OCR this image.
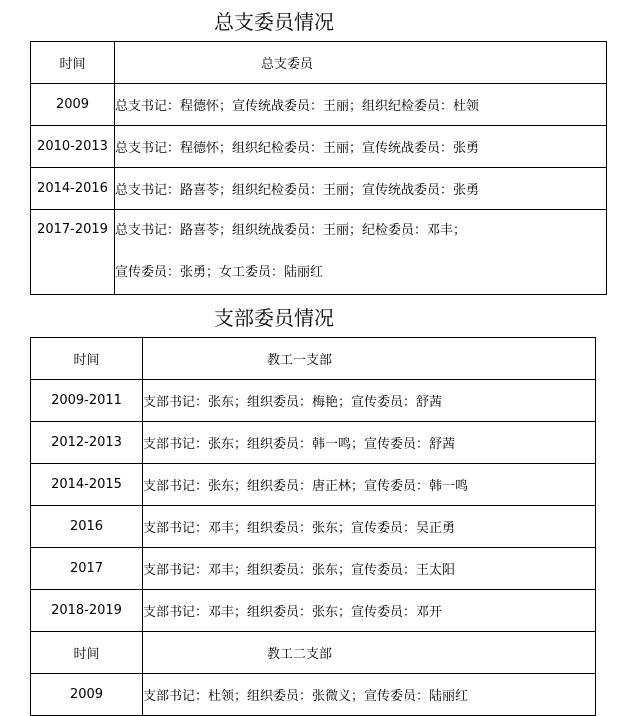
总支委员情况
时间	总支委员
2009	总支书记：程德怀；宣传统战委员：王丽；组织纪检委员：杜领
2010-2013	总支书记：程德怀；组织纪检委员：王丽；宣传统战委员：张勇
2014-2016	总支书记：路喜苓；组织纪检委员：王丽；宣传统战委员：张勇
2017-2019	总支书记：路喜苓；组织统战委员：王丽；纪检委员：邓丰；
宣传委员：张勇；女工委员：陆丽红
支部委员情况
时间	教工一支部
2009-2011	支部书记：张东；组织委员：梅艳；宣传委员：舒茜
2012-2013	支部书记：张东；组织委员：韩一鸣；宣传委员：舒茜
2014-2015	支部书记：张东；组织委员：唐正林；宣传委员：韩一鸣
2016	支部书记：邓丰；组织委员：张东；宣传委员：吴正勇
2017	支部书记：邓丰；组织委员：张东；宣传委员：王太阳
2018-2019	支部书记：邓丰；组织委员：张东；宣传委员：邓开
时间	教工二支部
2009	支部书记：杜领；组织委员：张微义；宣传委员：陆丽红
